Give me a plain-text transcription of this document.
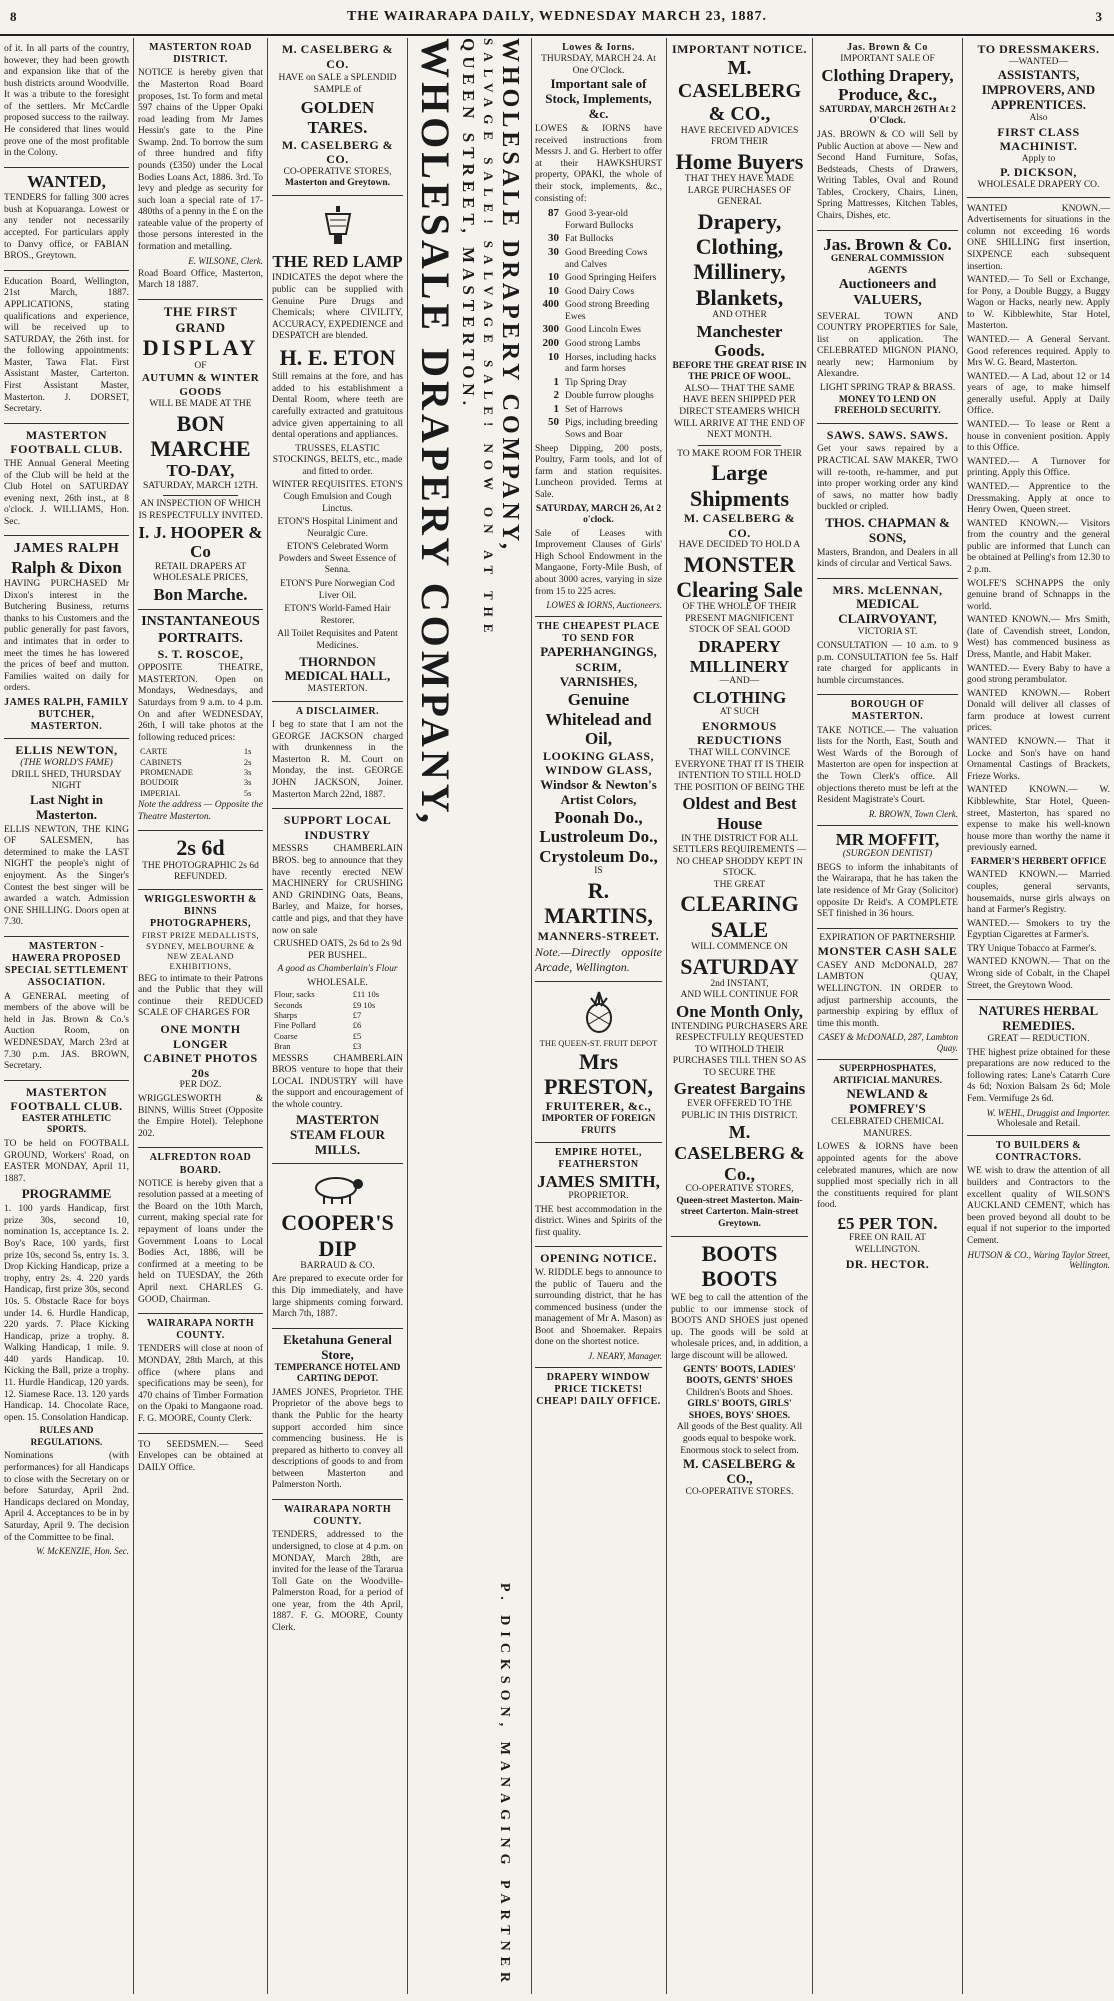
8	THE WAIRARAPA DAILY, WEDNESDAY MARCH 23, 1887.	3

of it. In all parts of the country, however, they had been growth and expansion like that of the bush districts around Woodville. It was a tribute to the foresight of the settlers. Mr McCardle proposed success to the railway. He considered that lines would prove one of the most profitable in the Colony.

WANTED,

TENDERS for falling 300 acres bush at Kopuaranga. Lowest or any tender not necessarily accepted. For particulars apply to Danvy office, or FABIAN BROS., Greytown.

Education Board, Wellington, 21st March, 1887. APPLICATIONS, stating qualifications and experience, will be received up to SATURDAY, the 26th inst. for the following appointments: Master, Tawa Flat. First Assistant Master, Carterton. First Assistant Master, Masterton. J. DORSET, Secretary.

MASTERTON FOOTBALL CLUB.

THE Annual General Meeting of the Club will be held at the Club Hotel on SATURDAY evening next, 26th inst., at 8 o'clock. J. WILLIAMS, Hon. Sec.

JAMES RALPH
Ralph & Dixon

HAVING PURCHASED Mr Dixon's interest in the Butchering Business, returns thanks to his Customers and the public generally for past favors, and intimates that in order to meet the times he has lowered the prices of beef and mutton. Families waited on daily for orders.

JAMES RALPH, FAMILY BUTCHER, MASTERTON.
ELLIS NEWTON,
(THE WORLD'S FAME)
DRILL SHED, THURSDAY NIGHT
Last Night in Masterton.

ELLIS NEWTON, THE KING OF SALESMEN, has determined to make the LAST NIGHT the people's night of enjoyment. As the Singer's Contest the best singer will be awarded a watch. Admission ONE SHILLING. Doors open at 7.30.

MASTERTON - HAWERA PROPOSED SPECIAL SETTLEMENT ASSOCIATION.

A GENERAL meeting of members of the above will be held in Jas. Brown & Co.'s Auction Room, on WEDNESDAY, March 23rd at 7.30 p.m. JAS. BROWN, Secretary.

MASTERTON FOOTBALL CLUB.
EASTER ATHLETIC SPORTS.

TO be held on FOOTBALL GROUND, Workers' Road, on EASTER MONDAY, April 11, 1887.

PROGRAMME

1. 100 yards Handicap, first prize 30s, second 10, nomination 1s, acceptance 1s. 2. Boy's Race, 100 yards, first prize 10s, second 5s, entry 1s. 3. Drop Kicking Handicap, prize a trophy, entry 2s. 4. 220 yards Handicap, first prize 30s, second 10s. 5. Obstacle Race for boys under 14. 6. Hurdle Handicap, 220 yards. 7. Place Kicking Handicap, prize a trophy. 8. Walking Handicap, 1 mile. 9. 440 yards Handicap. 10. Kicking the Ball, prize a trophy. 11. Hurdle Handicap, 120 yards. 12. Siamese Race. 13. 120 yards Handicap. 14. Chocolate Race, open. 15. Consolation Handicap.

RULES AND REGULATIONS.

Nominations (with performances) for all Handicaps to close with the Secretary on or before Saturday, April 2nd. Handicaps declared on Monday, April 4. Acceptances to be in by Saturday, April 9. The decision of the Committee to be final.

W. McKENZIE, Hon. Sec.
MASTERTON ROAD DISTRICT.

NOTICE is hereby given that the Masterton Road Board proposes, 1st. To form and metal 597 chains of the Upper Opaki road leading from Mr James Hessin's gate to the Pine Swamp. 2nd. To borrow the sum of three hundred and fifty pounds (£350) under the Local Bodies Loans Act, 1886. 3rd. To levy and pledge as security for such loan a special rate of 17-480ths of a penny in the £ on the rateable value of the property of those persons interested in the formation and metalling.

E. WILSONE, Clerk.

Road Board Office, Masterton, March 18 1887.

THE FIRST GRAND
DISPLAY
OF
AUTUMN & WINTER GOODS
WILL BE MADE AT THE
BON MARCHE
TO-DAY,
SATURDAY, MARCH 12TH.
AN INSPECTION OF WHICH IS RESPECTFULLY INVITED.
I. J. HOOPER & Co
RETAIL DRAPERS AT WHOLESALE PRICES,
Bon Marche.
INSTANTANEOUS PORTRAITS.
S. T. ROSCOE,

OPPOSITE THEATRE, MASTERTON. Open on Mondays, Wednesdays, and Saturdays from 9 a.m. to 4 p.m. On and after WEDNESDAY, 26th, I will take photos at the following reduced prices:

CARTE	1s
CABINETS	2s
PROMENADE	3s
BOUDOIR	3s
IMPERIAL	5s

Note the address — Opposite the Theatre Masterton.

2s 6d
THE PHOTOGRAPHIC 2s 6d REFUNDED.
WRIGGLESWORTH & BINNS PHOTOGRAPHERS,
FIRST PRIZE MEDALLISTS, SYDNEY, MELBOURNE & NEW ZEALAND EXHIBITIONS,

BEG to intimate to their Patrons and the Public that they will continue their REDUCED SCALE OF CHARGES FOR

ONE MONTH LONGER
CABINET PHOTOS 20s
PER DOZ.

WRIGGLESWORTH & BINNS, Willis Street (Opposite the Empire Hotel). Telephone 202.

ALFREDTON ROAD BOARD.

NOTICE is hereby given that a resolution passed at a meeting of the Board on the 10th March, current, making special rate for repayment of loans under the Government Loans to Local Bodies Act, 1886, will be confirmed at a meeting to be held on TUESDAY, the 26th April next. CHARLES G. GOOD, Chairman.

WAIRARAPA NORTH COUNTY.

TENDERS will close at noon of MONDAY, 28th March, at this office (where plans and specifications may be seen), for 470 chains of Timber Formation on the Opaki to Mangaone road. F. G. MOORE, County Clerk.

TO SEEDSMEN.— Seed Envelopes can be obtained at DAILY Office.

M. CASELBERG & CO.

HAVE on SALE a SPLENDID SAMPLE of

GOLDEN TARES.
M. CASELBERG & CO.
CO-OPERATIVE STORES,
Masterton and Greytown.
THE RED LAMP

INDICATES the depot where the public can be supplied with Genuine Pure Drugs and Chemicals; where CIVILITY, ACCURACY, EXPEDIENCE and DESPATCH are blended.

H. E. ETON

Still remains at the fore, and has added to his establishment a Dental Room, where teeth are carefully extracted and gratuitous advice given appertaining to all dental operations and appliances.

TRUSSES, ELASTIC STOCKINGS, BELTS, etc., made and fitted to order.

WINTER REQUISITES. ETON'S Cough Emulsion and Cough Linctus.

ETON'S Hospital Liniment and Neuralgic Cure.

ETON'S Celebrated Worm Powders and Sweet Essence of Senna.

ETON'S Pure Norwegian Cod Liver Oil.

ETON'S World-Famed Hair Restorer.

All Toilet Requisites and Patent Medicines.

THORNDON MEDICAL HALL,
MASTERTON.
A DISCLAIMER.

I beg to state that I am not the GEORGE JACKSON charged with drunkenness in the Masterton R. M. Court on Monday, the inst. GEORGE JOHN JACKSON, Joiner. Masterton March 22nd, 1887.

SUPPORT LOCAL INDUSTRY

MESSRS CHAMBERLAIN BROS. beg to announce that they have recently erected NEW MACHINERY for CRUSHING AND GRINDING Oats, Beans, Barley, and Maize, for horses, cattle and pigs, and that they have now on sale

CRUSHED OATS, 2s 6d to 2s 9d PER BUSHEL.

A good as Chamberlain's Flour

WHOLESALE.
Flour, sacks	£11 10s
Seconds	£9 10s
Sharps	£7
Fine Pollard	£6
Coarse	£5
Bran	£3

MESSRS CHAMBERLAIN BROS venture to hope that their LOCAL INDUSTRY will have the support and encouragement of the whole country.

MASTERTON STEAM FLOUR MILLS.
COOPER'S DIP
BARRAUD & CO.

Are prepared to execute order for this Dip immediately, and have large shipments coming forward. March 7th, 1887.

Eketahuna General Store,
TEMPERANCE HOTEL AND CARTING DEPOT.

JAMES JONES, Proprietor. THE Proprietor of the above begs to thank the Public for the hearty support accorded him since commencing business. He is prepared as hitherto to convey all descriptions of goods to and from between Masterton and Palmerston North.

WAIRARAPA NORTH COUNTY.

TENDERS, addressed to the undersigned, to close at 4 p.m. on MONDAY, March 28th, are invited for the lease of the Tararua Toll Gate on the Woodville-Palmerston Road, for a period of one year, from the 4th April, 1887. F. G. MOORE, County Clerk.

WHOLESALE DRAPERY COMPANY, QUEEN STREET, MASTERTON. SALVAGE SALE! SALVAGE SALE! NOW ON AT THE WHOLESALE DRAPERY COMPANY,
P. DICKSON, MANAGING PARTNER
Lowes & Iorns.
THURSDAY, MARCH 24. At One O'Clock.
Important sale of Stock, Implements, &c.

LOWES & IORNS have received instructions from Messrs J. and G. Herbert to offer at their HAWKSHURST property, OPAKI, the whole of their stock, implements, &c., consisting of:

87 Good 3-year-old Forward Bullocks
30 Fat Bullocks
30 Good Breeding Cows and Calves
10 Good Springing Heifers
10 Good Dairy Cows
400 Good strong Breeding Ewes
300 Good Lincoln Ewes
200 Good strong Lambs
10 Horses, including hacks and farm horses
1 Tip Spring Dray
2 Double furrow ploughs
1 Set of Harrows
50 Pigs, including breeding Sows and Boar

Sheep Dipping, 200 posts, Poultry, Farm tools, and lot of farm and station requisites. Luncheon provided. Terms at Sale.

SATURDAY, MARCH 26, At 2 o'clock.

Sale of Leases with Improvement Clauses of Girls' High School Endowment in the Mangaone, Forty-Mile Bush, of about 3000 acres, varying in size from 15 to 225 acres.

LOWES & IORNS, Auctioneers.
THE CHEAPEST PLACE TO SEND FOR
PAPERHANGINGS,
SCRIM,
VARNISHES,
Genuine Whitelead and Oil,
LOOKING GLASS,
WINDOW GLASS,
Windsor & Newton's Artist Colors,
Poonah Do.,
Lustroleum Do.,
Crystoleum Do.,
IS
R. MARTINS,
MANNERS-STREET.

Note.—Directly opposite Arcade, Wellington.

THE QUEEN-ST. FRUIT DEPOT
Mrs PRESTON,
FRUITERER, &c.,
IMPORTER OF FOREIGN FRUITS
EMPIRE HOTEL, FEATHERSTON
JAMES SMITH,
PROPRIETOR.

THE best accommodation in the district. Wines and Spirits of the first quality.

OPENING NOTICE.

W. RIDDLE begs to announce to the public of Taueru and the surrounding district, that he has commenced business (under the management of Mr A. Mason) as Boot and Shoemaker. Repairs done on the shortest notice.

J. NEARY, Manager.
DRAPERY WINDOW PRICE TICKETS! CHEAP! DAILY OFFICE.
IMPORTANT NOTICE.
M. CASELBERG & CO.,
HAVE RECEIVED ADVICES FROM THEIR
Home Buyers
THAT THEY HAVE MADE LARGE PURCHASES OF GENERAL
Drapery, Clothing, Millinery, Blankets,
AND OTHER
Manchester Goods.
BEFORE THE GREAT RISE IN THE PRICE OF WOOL.
ALSO— THAT THE SAME HAVE BEEN SHIPPED PER DIRECT STEAMERS WHICH WILL ARRIVE AT THE END OF NEXT MONTH.
TO MAKE ROOM FOR THEIR
Large Shipments
M. CASELBERG & CO.
HAVE DECIDED TO HOLD A
MONSTER
Clearing Sale
OF THE WHOLE OF THEIR PRESENT MAGNIFICENT STOCK OF SEAL GOOD
DRAPERY
MILLINERY
—AND—
CLOTHING
AT SUCH
ENORMOUS REDUCTIONS
THAT WILL CONVINCE EVERYONE THAT IT IS THEIR INTENTION TO STILL HOLD THE POSITION OF BEING THE
Oldest and Best House
IN THE DISTRICT FOR ALL SETTLERS REQUIREMENTS — NO CHEAP SHODDY KEPT IN STOCK.
THE GREAT
CLEARING SALE
WILL COMMENCE ON
SATURDAY
2nd INSTANT,
AND WILL CONTINUE FOR
One Month Only,
INTENDING PURCHASERS ARE RESPECTFULLY REQUESTED TO WITHOLD THEIR PURCHASES TILL THEN SO AS TO SECURE THE
Greatest Bargains
EVER OFFERED TO THE PUBLIC IN THIS DISTRICT.
M. CASELBERG & Co.,
CO-OPERATIVE STORES,
Queen-street Masterton. Main-street Carterton. Main-street Greytown.
BOOTS BOOTS

WE beg to call the attention of the public to our immense stock of BOOTS AND SHOES just opened up. The goods will be sold at wholesale prices, and, in addition, a large discount will be allowed.

GENTS' BOOTS, LADIES' BOOTS, GENTS' SHOES
Children's Boots and Shoes.
GIRLS' BOOTS, GIRLS' SHOES, BOYS' SHOES.
All goods of the Best quality. All goods equal to bespoke work.
Enormous stock to select from.
M. CASELBERG & CO.,
CO-OPERATIVE STORES.
Jas. Brown & Co
IMPORTANT SALE OF
Clothing Drapery, Produce, &c.,
SATURDAY, MARCH 26TH At 2 O'Clock.

JAS. BROWN & CO will Sell by Public Auction at above — New and Second Hand Furniture, Sofas, Bedsteads, Chests of Drawers, Writing Tables, Oval and Round Tables, Crockery, Chairs, Linen, Spring Mattresses, Kitchen Tables, Chairs, Dishes, etc.

Jas. Brown & Co.
GENERAL COMMISSION AGENTS
Auctioneers and VALUERS,

SEVERAL TOWN AND COUNTRY PROPERTIES for Sale, list on application. The CELEBRATED MIGNON PIANO, nearly new; Harmonium by Alexandre.

LIGHT SPRING TRAP & BRASS.
MONEY TO LEND ON FREEHOLD SECURITY.
SAWS. SAWS. SAWS.

Get your saws repaired by a PRACTICAL SAW MAKER, TWO will re-tooth, re-hammer, and put into proper working order any kind of saws, no matter how badly buckled or cripled.

THOS. CHAPMAN & SONS,

Masters, Brandon, and Dealers in all kinds of circular and Vertical Saws.

MRS. McLENNAN,
MEDICAL CLAIRVOYANT,
VICTORIA ST.

CONSULTATION — 10 a.m. to 9 p.m. CONSULTATION fee 5s. Half rate charged for applicants in humble circumstances.

BOROUGH OF MASTERTON.

TAKE NOTICE.— The valuation lists for the North, East, South and West Wards of the Borough of Masterton are open for inspection at the Town Clerk's office. All objections thereto must be left at the Resident Magistrate's Court.

R. BROWN, Town Clerk.
MR MOFFIT,
(SURGEON DENTIST)

BEGS to inform the inhabitants of the Wairarapa, that he has taken the late residence of Mr Gray (Solicitor) opposite Dr Reid's. A COMPLETE SET finished in 36 hours.

EXPIRATION OF PARTNERSHIP.
MONSTER CASH SALE

CASEY AND McDONALD, 287 LAMBTON QUAY, WELLINGTON. IN ORDER to adjust partnership accounts, the partnership expiring by efflux of time this month.

CASEY & McDONALD, 287, Lambton Quay.
SUPERPHOSPHATES, ARTIFICIAL MANURES.
NEWLAND & POMFREY'S
CELEBRATED CHEMICAL MANURES.

LOWES & IORNS have been appointed agents for the above celebrated manures, which are now supplied most specially rich in all the constituents required for plant food.

£5 PER TON.
FREE ON RAIL AT WELLINGTON.
DR. HECTOR.
TO DRESSMAKERS.
—WANTED—
ASSISTANTS, IMPROVERS, AND APPRENTICES.
Also
FIRST CLASS MACHINIST.
Apply to
P. DICKSON,
WHOLESALE DRAPERY CO.

WANTED KNOWN.— Advertisements for situations in the column not exceeding 16 words ONE SHILLING first insertion, SIXPENCE each subsequent insertion.

WANTED.— To Sell or Exchange, for Pony, a Double Buggy, a Buggy Wagon or Hacks, nearly new. Apply to W. Kibblewhite, Star Hotel, Masterton.

WANTED.— A General Servant. Good references required. Apply to Mrs W. G. Beard, Masterton.

WANTED.— A Lad, about 12 or 14 years of age, to make himself generally useful. Apply at Daily Office.

WANTED.— To lease or Rent a house in convenient position. Apply to this Office.

WANTED.— A Turnover for printing. Apply this Office.

WANTED.— Apprentice to the Dressmaking. Apply at once to Henry Owen, Queen street.

WANTED KNOWN.— Visitors from the country and the general public are informed that Lunch can be obtained at Pelling's from 12.30 to 2 p.m.

WOLFE'S SCHNAPPS the only genuine brand of Schnapps in the world.

WANTED KNOWN.— Mrs Smith, (late of Cavendish street, London, West) has commenced business as Dress, Mantle, and Habit Maker.

WANTED.— Every Baby to have a good strong perambulator.

WANTED KNOWN.— Robert Donald will deliver all classes of farm produce at lowest current prices.

WANTED KNOWN.— That it Locke and Son's have on hand Ornamental Castings of Brackets, Frieze Works.

WANTED KNOWN.— W. Kibblewhite, Star Hotel, Queen-street, Masterton, has spared no expense to make his well-known house more than worthy the name it previously earned.

FARMER'S HERBERT OFFICE

WANTED KNOWN.— Married couples, general servants, housemaids, nurse girls always on hand at Farmer's Registry.

WANTED.— Smokers to try the Egyptian Cigarettes at Farmer's.

TRY Unique Tobacco at Farmer's.

WANTED KNOWN.— That on the Wrong side of Cobalt, in the Chapel Street, the Greytown Wood.

NATURES HERBAL REMEDIES.
GREAT — REDUCTION.

THE highest prize obtained for these preparations are now reduced to the following rates: Lane's Catarrh Cure 4s 6d; Noxion Balsam 2s 6d; Mole Fem. Vermifuge 2s 6d.

W. WEHL, Druggist and Importer.
Wholesale and Retail.
TO BUILDERS & CONTRACTORS.

WE wish to draw the attention of all builders and Contractors to the excellent quality of WILSON'S AUCKLAND CEMENT, which has been proved beyond all doubt to be equal if not superior to the imported Cement.

HUTSON & CO., Waring Taylor Street, Wellington.
